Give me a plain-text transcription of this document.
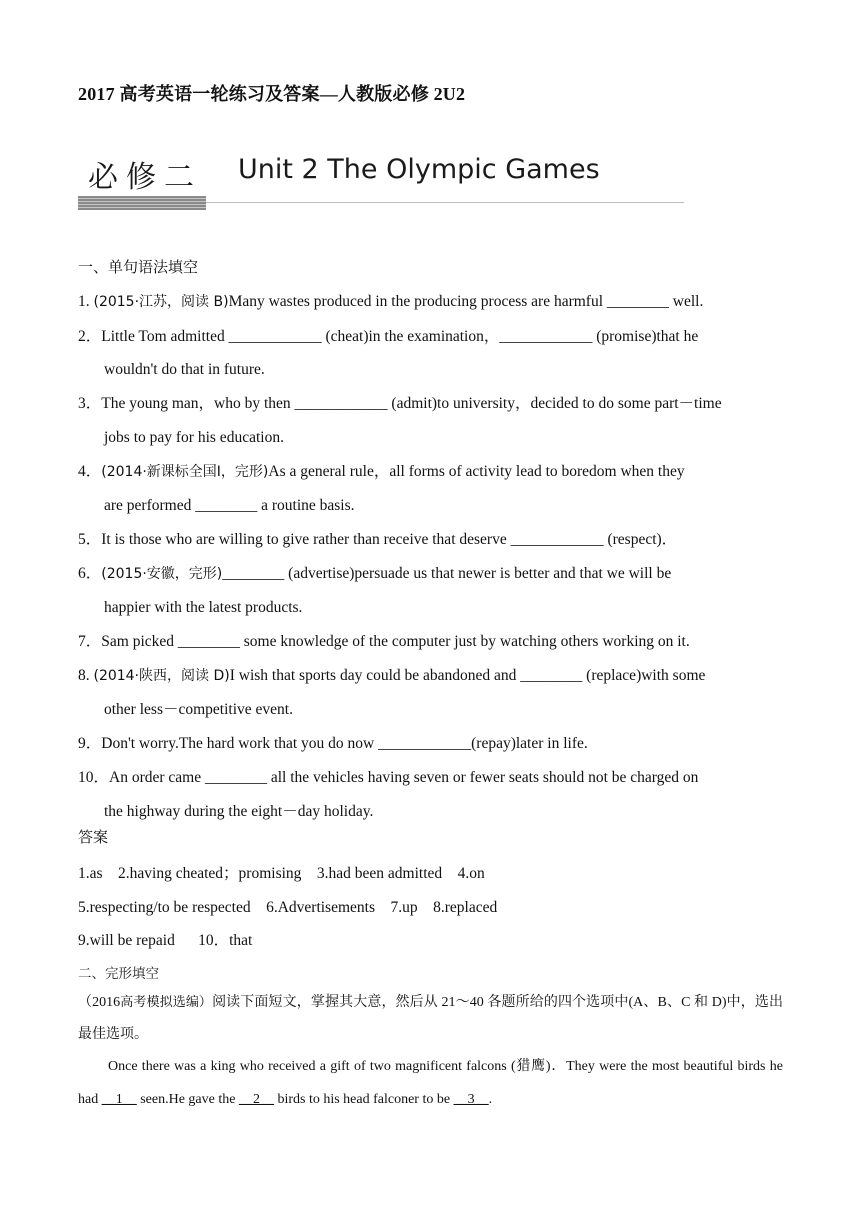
2017 高考英语一轮练习及答案—人教版必修 2U2
必修二 Unit 2 The Olympic Games
一、单句语法填空
1. (2015·江苏，阅读 B)Many wastes produced in the producing process are harmful ________ well.
2．Little Tom admitted ____________ (cheat)in the examination，____________ (promise)that he
wouldn't do that in future.
3．The young man，who by then ____________ (admit)to university，decided to do some part－time
jobs to pay for his education.
4．(2014·新课标全国Ⅰ，完形)As a general rule，all forms of activity lead to boredom when they
are performed ________ a routine basis.
5．It is those who are willing to give rather than receive that deserve ____________ (respect)．
6．(2015·安徽，完形)________ (advertise)persuade us that newer is better and that we will be
happier with the latest products.
7．Sam picked ________ some knowledge of the computer just by watching others working on it.
8. (2014·陕西，阅读 D)I wish that sports day could be abandoned and ________ (replace)with some
other less－competitive event.
9．Don't worry.The hard work that you do now ____________(repay)later in life.
10．An order came ________ all the vehicles having seven or fewer seats should not be charged on
the highway during the eight－day holiday.
答案
1.as    2.having cheated；promising    3.had been admitted    4.on
5.respecting/to be respected    6.Advertisements    7.up    8.replaced
9.will be repaid      10．that
二、完形填空
（2016高考模拟选编）阅读下面短文，掌握其大意，然后从 21～40 各题所给的四个选项中(A、B、C 和 D)中，选出最佳选项。
Once there was a king who received a gift of two magnificent falcons (猎鹰)．They were the most beautiful birds he had __1__ seen.He gave the __2__ birds to his head falconer to be __3__.
